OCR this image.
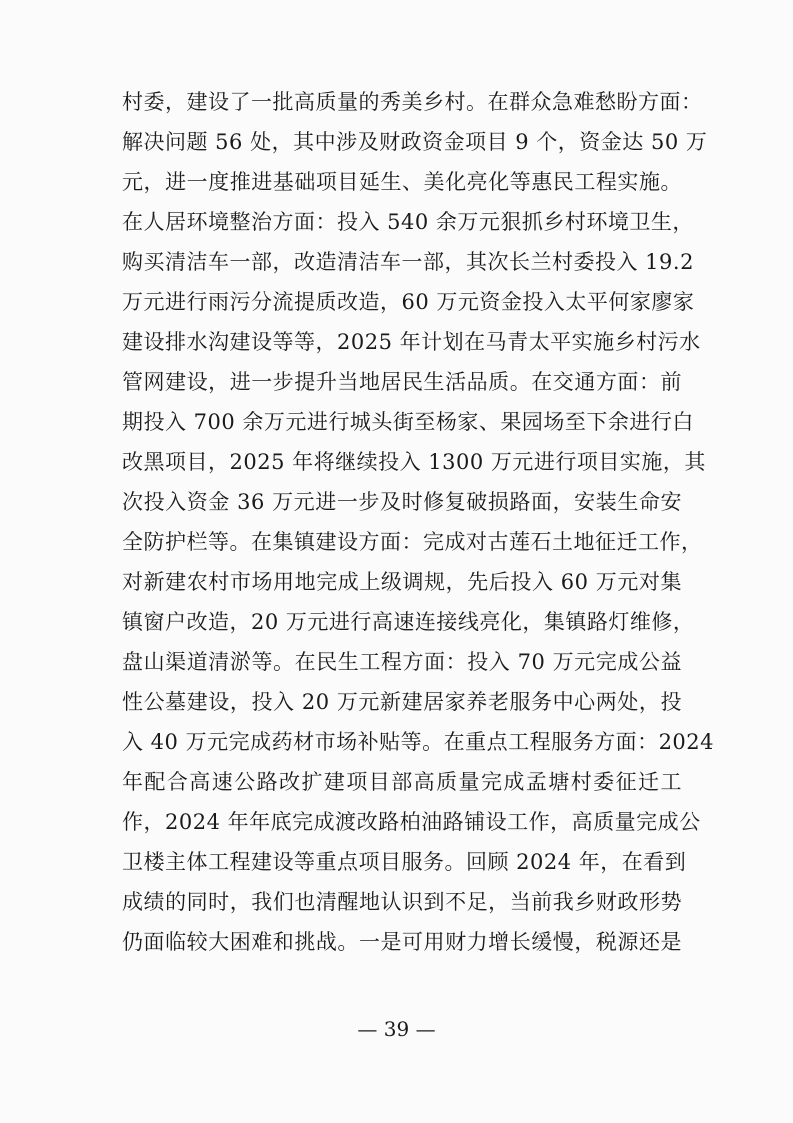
村委，建设了一批高质量的秀美乡村。在群众急难愁盼方面：
解决问题 56 处，其中涉及财政资金项目 9 个，资金达 50 万
元，进一度推进基础项目延生、美化亮化等惠民工程实施。
在人居环境整治方面：投入 540 余万元狠抓乡村环境卫生，
购买清洁车一部，改造清洁车一部，其次长兰村委投入 19.2
万元进行雨污分流提质改造，60 万元资金投入太平何家廖家
建设排水沟建设等等，2025 年计划在马青太平实施乡村污水
管网建设，进一步提升当地居民生活品质。在交通方面：前
期投入 700 余万元进行城头街至杨家、果园场至下余进行白
改黑项目，2025 年将继续投入 1300 万元进行项目实施，其
次投入资金 36 万元进一步及时修复破损路面，安装生命安
全防护栏等。在集镇建设方面：完成对古莲石土地征迁工作，
对新建农村市场用地完成上级调规，先后投入 60 万元对集
镇窗户改造，20 万元进行高速连接线亮化，集镇路灯维修，
盘山渠道清淤等。在民生工程方面：投入 70 万元完成公益
性公墓建设，投入 20 万元新建居家养老服务中心两处，投
入 40 万元完成药材市场补贴等。在重点工程服务方面：2024
年配合高速公路改扩建项目部高质量完成孟塘村委征迁工
作，2024 年年底完成渡改路柏油路铺设工作，高质量完成公
卫楼主体工程建设等重点项目服务。回顾 2024 年，在看到
成绩的同时，我们也清醒地认识到不足，当前我乡财政形势
仍面临较大困难和挑战。一是可用财力增长缓慢，税源还是
— 39 —
